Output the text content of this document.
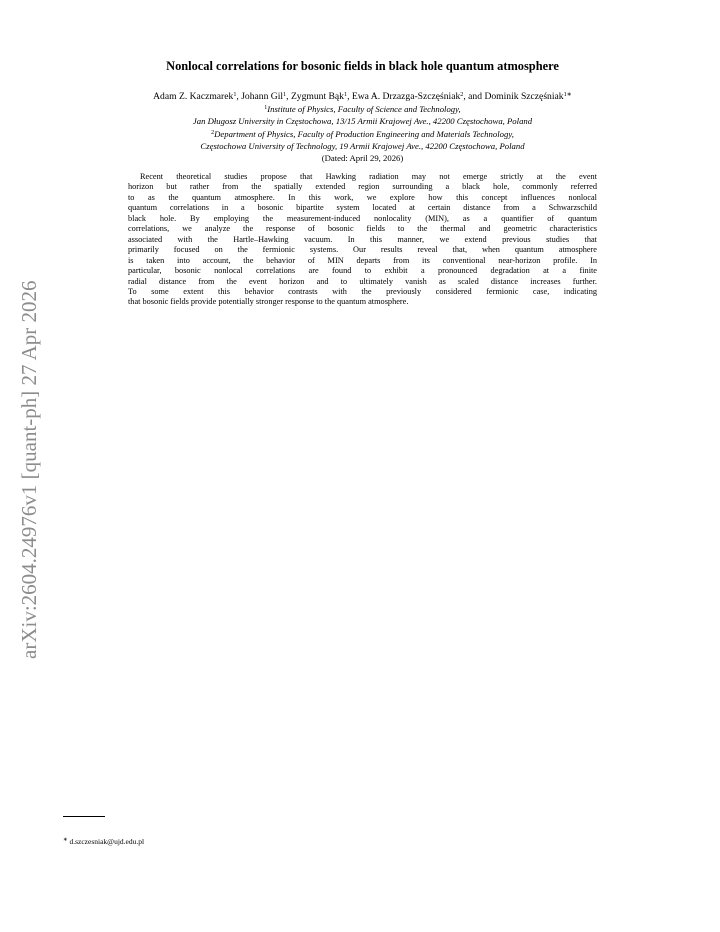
arXiv:2604.24976v1 [quant-ph] 27 Apr 2026
Nonlocal correlations for bosonic fields in black hole quantum atmosphere
Adam Z. Kaczmarek$^1$, Johann Gil$^1$, Zygmunt Bąk$^1$, Ewa A. Drzazga-Szczęśniak$^2$, and Dominik Szczęśniak$^{1∗}$
$^1$Institute of Physics, Faculty of Science and Technology,
Jan Długosz University in Częstochowa, 13/15 Armii Krajowej Ave., 42200 Częstochowa, Poland
$^2$Department of Physics, Faculty of Production Engineering and Materials Technology,
Częstochowa University of Technology, 19 Armii Krajowej Ave., 42200 Częstochowa, Poland
(Dated: April 29, 2026)
Recent theoretical studies propose that Hawking radiation may not emerge strictly at the event
horizon but rather from the spatially extended region surrounding a black hole, commonly referred
to as the quantum atmosphere. In this work, we explore how this concept influences nonlocal
quantum correlations in a bosonic bipartite system located at certain distance from a Schwarzschild
black hole. By employing the measurement-induced nonlocality (MIN), as a quantifier of quantum
correlations, we analyze the response of bosonic fields to the thermal and geometric characteristics
associated with the Hartle–Hawking vacuum. In this manner, we extend previous studies that
primarily focused on the fermionic systems. Our results reveal that, when quantum atmosphere
is taken into account, the behavior of MIN departs from its conventional near-horizon profile. In
particular, bosonic nonlocal correlations are found to exhibit a pronounced degradation at a finite
radial distance from the event horizon and to ultimately vanish as scaled distance increases further.
To some extent this behavior contrasts with the previously considered fermionic case, indicating
that bosonic fields provide potentially stronger response to the quantum atmosphere.
∗ d.szczesniak@ujd.edu.pl
